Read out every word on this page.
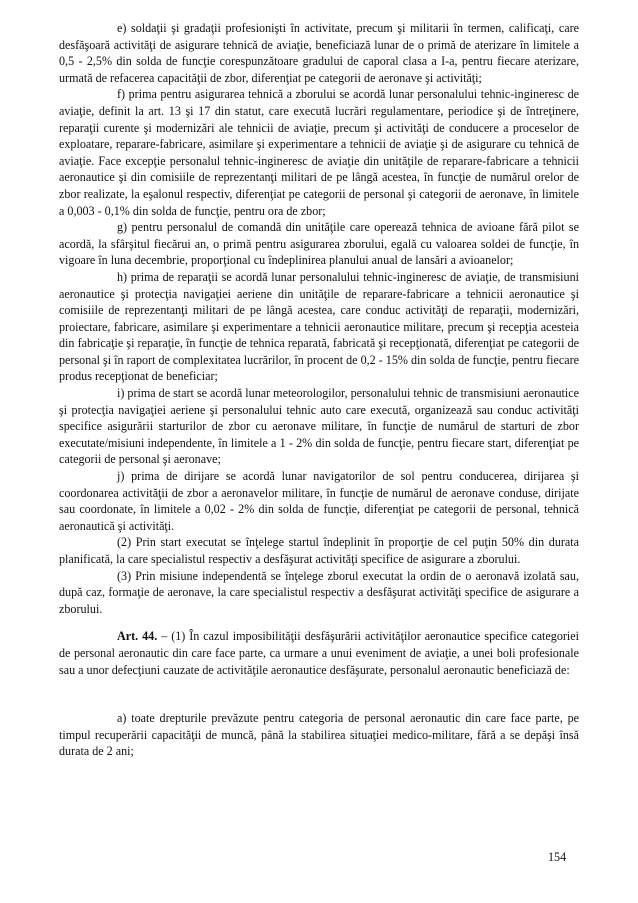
e) soldaţii şi gradaţii profesionişti în activitate, precum şi militarii în termen, calificaţi, care desfăşoară activităţi de asigurare tehnică de aviaţie, beneficiază lunar de o primă de aterizare în limitele a 0,5 - 2,5% din solda de funcţie corespunzătoare gradului de caporal clasa a I-a, pentru fiecare aterizare, urmată de refacerea capacităţii de zbor, diferenţiat pe categorii de aeronave şi activităţi;

f) prima pentru asigurarea tehnică a zborului se acordă lunar personalului tehnic-ingineresc de aviaţie, definit la art. 13 şi 17 din statut, care execută lucrări regulamentare, periodice şi de întreţinere, reparaţii curente şi modernizări ale tehnicii de aviaţie, precum şi activităţi de conducere a proceselor de exploatare, reparare-fabricare, asimilare şi experimentare a tehnicii de aviaţie şi de asigurare cu tehnică de aviaţie. Face excepţie personalul tehnic-ingineresc de aviaţie din unităţile de reparare-fabricare a tehnicii aeronautice şi din comisiile de reprezentanţi militari de pe lângă acestea, în funcţie de numărul orelor de zbor realizate, la eşalonul respectiv, diferenţiat pe categorii de personal şi categorii de aeronave, în limitele a 0,003 - 0,1% din solda de funcţie, pentru ora de zbor;

g) pentru personalul de comandă din unităţile care operează tehnica de avioane fără pilot se acordă, la sfârşitul fiecărui an, o primă pentru asigurarea zborului, egală cu valoarea soldei de funcţie, în vigoare în luna decembrie, proporţional cu îndeplinirea planului anual de lansări a avioanelor;

h) prima de reparaţii se acordă lunar personalului tehnic-ingineresc de aviaţie, de transmisiuni aeronautice şi protecţia navigaţiei aeriene din unităţile de reparare-fabricare a tehnicii aeronautice şi comisiile de reprezentanţi militari de pe lângă acestea, care conduc activităţi de reparaţii, modernizări, proiectare, fabricare, asimilare şi experimentare a tehnicii aeronautice militare, precum şi recepţia acesteia din fabricaţie şi reparaţie, în funcţie de tehnica reparată, fabricată şi recepţionată, diferenţiat pe categorii de personal şi în raport de complexitatea lucrărilor, în procent de 0,2 - 15% din solda de funcţie, pentru fiecare produs recepţionat de beneficiar;

i) prima de start se acordă lunar meteorologilor, personalului tehnic de transmisiuni aeronautice şi protecţia navigaţiei aeriene şi personalului tehnic auto care execută, organizează sau conduc activităţi specifice asigurării starturilor de zbor cu aeronave militare, în funcţie de numărul de starturi de zbor executate/misiuni independente, în limitele a 1 - 2% din solda de funcţie, pentru fiecare start, diferenţiat pe categorii de personal şi aeronave;

j) prima de dirijare se acordă lunar navigatorilor de sol pentru conducerea, dirijarea şi coordonarea activităţii de zbor a aeronavelor militare, în funcţie de numărul de aeronave conduse, dirijate sau coordonate, în limitele a 0,02 - 2% din solda de funcţie, diferenţiat pe categorii de personal, tehnică aeronautică şi activităţi.

(2) Prin start executat se înţelege startul îndeplinit în proporţie de cel puţin 50% din durata planificată, la care specialistul respectiv a desfăşurat activităţi specifice de asigurare a zborului.

(3) Prin misiune independentă se înţelege zborul executat la ordin de o aeronavă izolată sau, după caz, formaţie de aeronave, la care specialistul respectiv a desfăşurat activităţi specifice de asigurare a zborului.

Art. 44. – (1) În cazul imposibilităţii desfăşurării activităţilor aeronautice specifice categoriei de personal aeronautic din care face parte, ca urmare a unui eveniment de aviaţie, a unei boli profesionale sau a unor defecţiuni cauzate de activităţile aeronautice desfăşurate, personalul aeronautic beneficiază de:

a) toate drepturile prevăzute pentru categoria de personal aeronautic din care face parte, pe timpul recuperării capacităţii de muncă, până la stabilirea situaţiei medico-militare, fără a se depăşi însă durata de 2 ani;

154
